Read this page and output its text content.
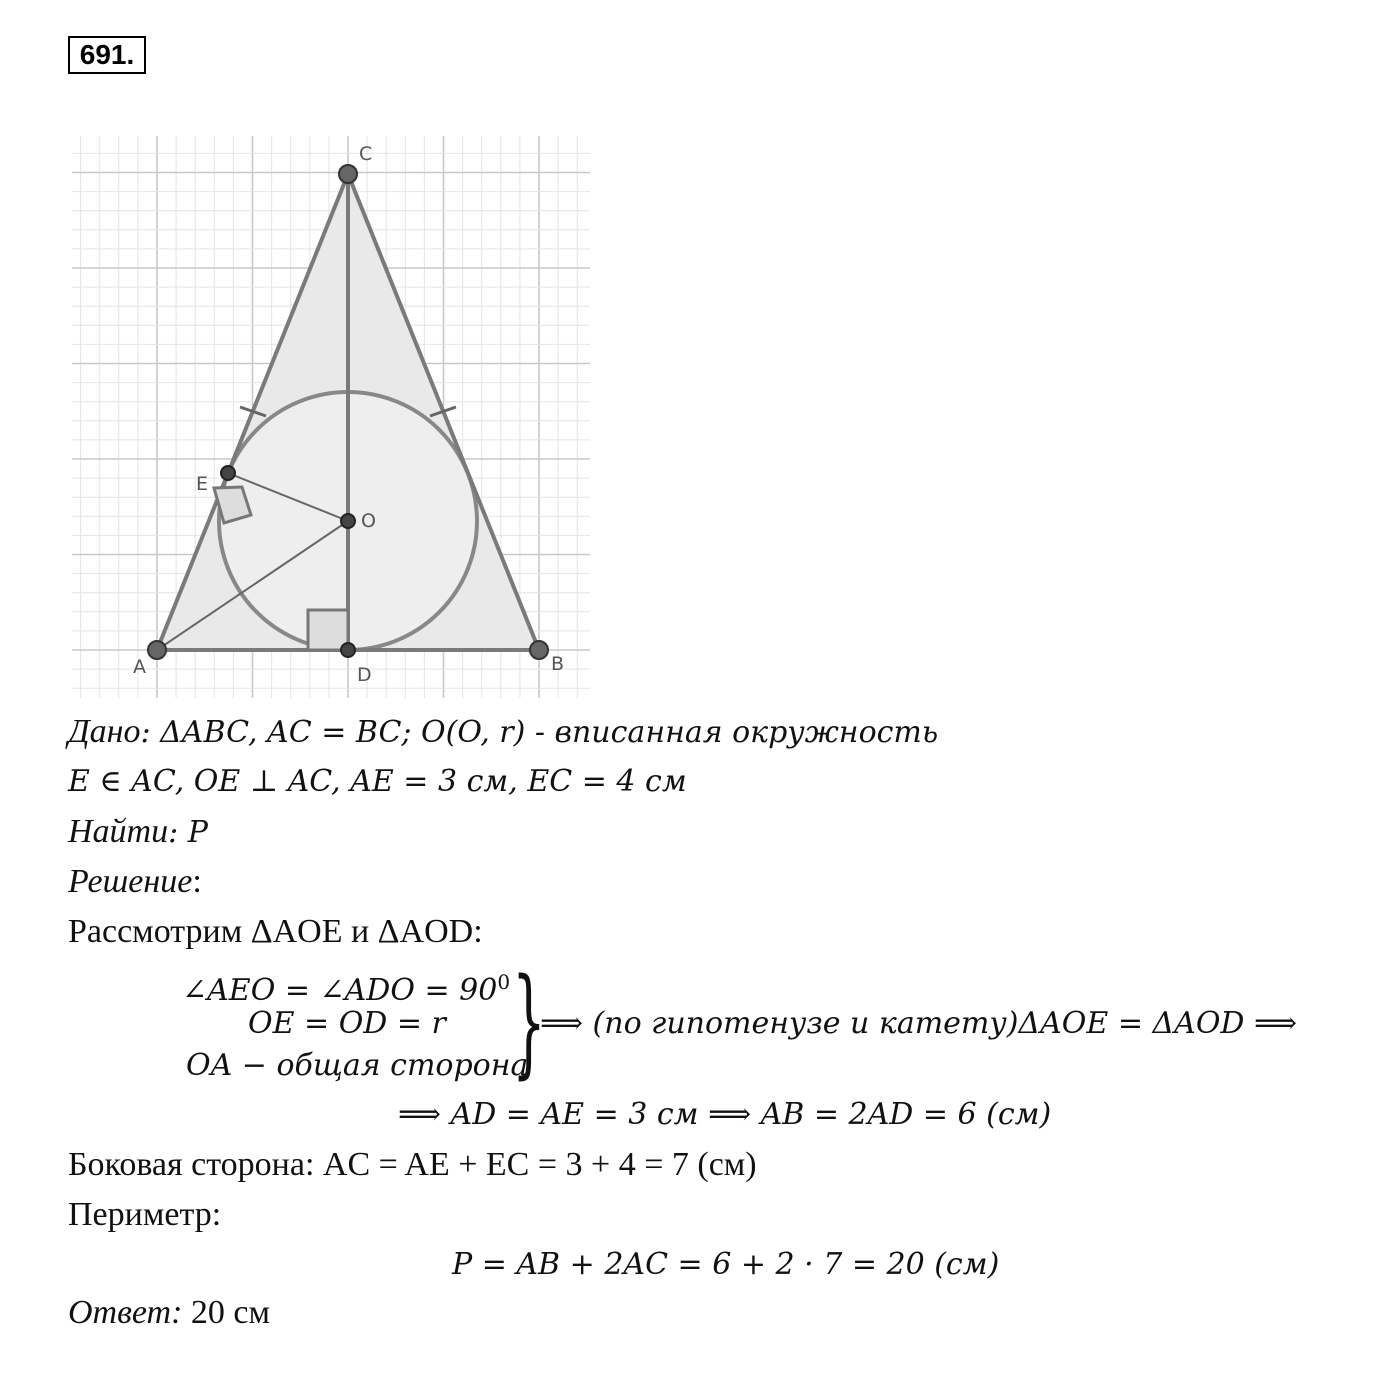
691.
A	B
C
D
E
O
Дано: ΔABC, AC = BC; O(O, r) - вписанная окружность
E ∈ AC, OE ⊥ AC, AE = 3 см, EC = 4 см
Найти: P
Решение:
Рассмотрим ΔAOE и ΔAOD:
∠AEO = ∠ADO = $90^0$
OE = OD = r
OA − общая сторона
}
⟹ (по гипотенузе и катету)ΔAOE = ΔAOD ⟹
⟹ AD = AE = 3 см ⟹ AB = 2AD = 6 (см)
Боковая сторона: AC = AE + EC = 3 + 4 = 7 (см)
Периметр:
P = AB + 2AC = 6 + 2 · 7 = 20 (см)
Ответ: 20 см
